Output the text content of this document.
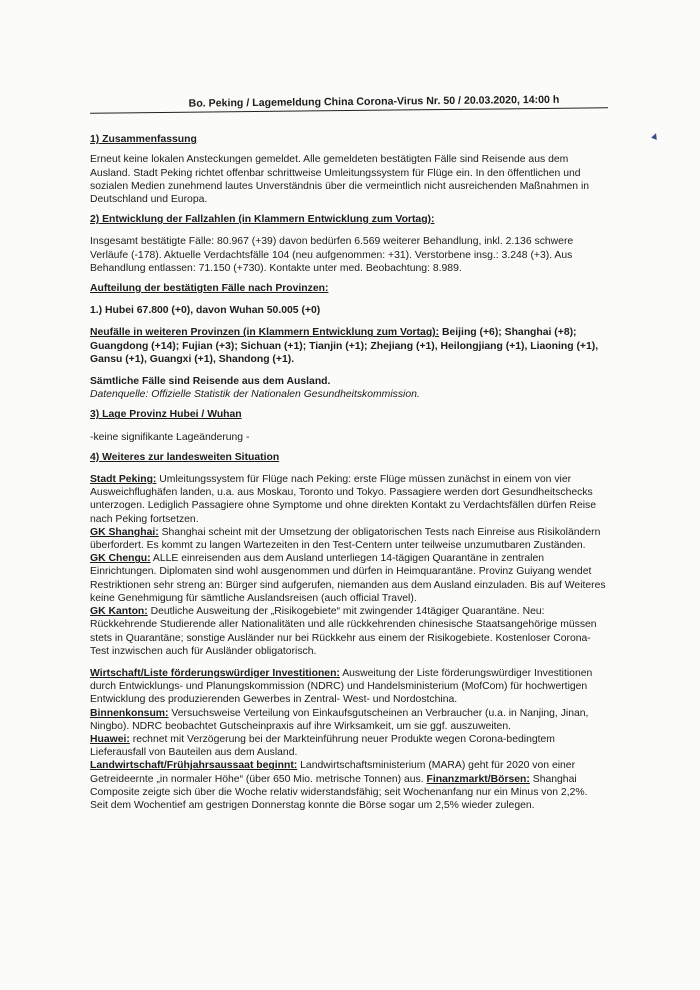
Bo. Peking / Lagemeldung China Corona-Virus Nr. 50 / 20.03.2020, 14:00 h

1) Zusammenfassung

Erneut keine lokalen Ansteckungen gemeldet. Alle gemeldeten bestätigten Fälle sind Reisende aus dem Ausland. Stadt Peking richtet offenbar schrittweise Umleitungssystem für Flüge ein. In den öffentlichen und sozialen Medien zunehmend lautes Unverständnis über die vermeintlich nicht ausreichenden Maßnahmen in Deutschland und Europa.

2) Entwicklung der Fallzahlen (in Klammern Entwicklung zum Vortag):

Insgesamt bestätigte Fälle: 80.967 (+39) davon bedürfen 6.569 weiterer Behandlung, inkl. 2.136 schwere Verläufe (-178). Aktuelle Verdachtsfälle 104 (neu aufgenommen: +31). Verstorbene insg.: 3.248 (+3). Aus Behandlung entlassen: 71.150 (+730). Kontakte unter med. Beobachtung: 8.989.

Aufteilung der bestätigten Fälle nach Provinzen:

1.) Hubei 67.800 (+0), davon Wuhan 50.005 (+0)

Neufälle in weiteren Provinzen (in Klammern Entwicklung zum Vortag): Beijing (+6); Shanghai (+8); Guangdong (+14); Fujian (+3); Sichuan (+1); Tianjin (+1); Zhejiang (+1), Heilongjiang (+1), Liaoning (+1), Gansu (+1), Guangxi (+1), Shandong (+1).

Sämtliche Fälle sind Reisende aus dem Ausland.

Datenquelle: Offizielle Statistik der Nationalen Gesundheitskommission.

3) Lage Provinz Hubei / Wuhan

-keine signifikante Lageänderung -

4) Weiteres zur landesweiten Situation

Stadt Peking: Umleitungssystem für Flüge nach Peking: erste Flüge müssen zunächst in einem von vier Ausweichflughäfen landen, u.a. aus Moskau, Toronto und Tokyo. Passagiere werden dort Gesundheitschecks unterzogen. Lediglich Passagiere ohne Symptome und ohne direkten Kontakt zu Verdachtsfällen dürfen Reise nach Peking fortsetzen.

GK Shanghai: Shanghai scheint mit der Umsetzung der obligatorischen Tests nach Einreise aus Risikoländern überfordert. Es kommt zu langen Wartezeiten in den Test-Centern unter teilweise unzumutbaren Zuständen.

GK Chengu: ALLE einreisenden aus dem Ausland unterliegen 14-tägigen Quarantäne in zentralen Einrichtungen. Diplomaten sind wohl ausgenommen und dürfen in Heimquarantäne. Provinz Guiyang wendet Restriktionen sehr streng an: Bürger sind aufgerufen, niemanden aus dem Ausland einzuladen. Bis auf Weiteres keine Genehmigung für sämtliche Auslandsreisen (auch official Travel).

GK Kanton: Deutliche Ausweitung der „Risikogebiete“ mit zwingender 14tägiger Quarantäne. Neu: Rückkehrende Studierende aller Nationalitäten und alle rückkehrenden chinesische Staatsangehörige müssen stets in Quarantäne; sonstige Ausländer nur bei Rückkehr aus einem der Risikogebiete. Kostenloser Corona-Test inzwischen auch für Ausländer obligatorisch.

Wirtschaft/Liste förderungswürdiger Investitionen: Ausweitung der Liste förderungswürdiger Investitionen durch Entwicklungs- und Planungskommission (NDRC) und Handelsministerium (MofCom) für hochwertigen Entwicklung des produzierenden Gewerbes in Zentral- West- und Nordostchina.

Binnenkonsum: Versuchsweise Verteilung von Einkaufsgutscheinen an Verbraucher (u.a. in Nanjing, Jinan, Ningbo). NDRC beobachtet Gutscheinpraxis auf ihre Wirksamkeit, um sie ggf. auszuweiten.

Huawei: rechnet mit Verzögerung bei der Markteinführung neuer Produkte wegen Corona-bedingtem Lieferausfall von Bauteilen aus dem Ausland.

Landwirtschaft/Frühjahrsaussaat beginnt: Landwirtschaftsministerium (MARA) geht für 2020 von einer Getreideernte „in normaler Höhe“ (über 650 Mio. metrische Tonnen) aus. Finanzmarkt/Börsen: Shanghai Composite zeigte sich über die Woche relativ widerstandsfähig; seit Wochenanfang nur ein Minus von 2,2%. Seit dem Wochentief am gestrigen Donnerstag konnte die Börse sogar um 2,5% wieder zulegen.
